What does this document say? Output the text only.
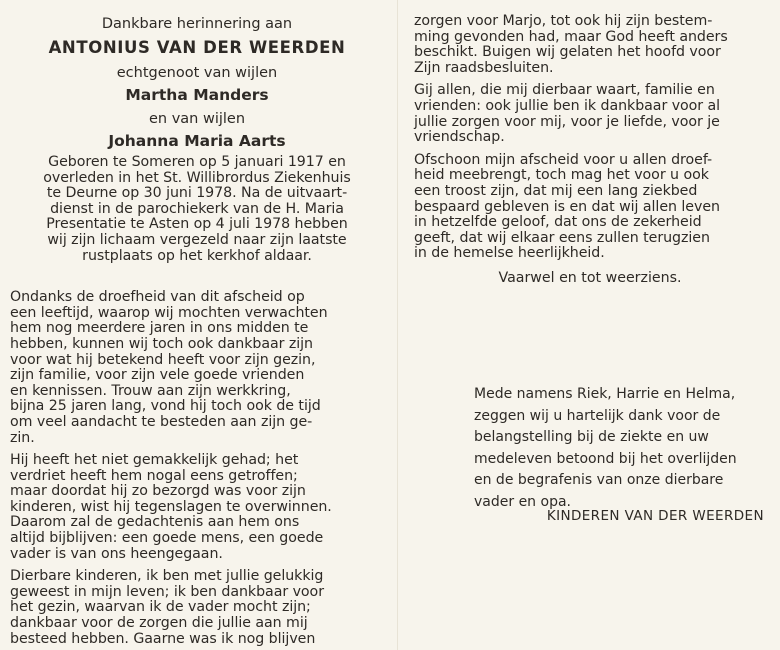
Dankbare herinnering aan
ANTONIUS VAN DER WEERDEN
echtgenoot van wijlen
Martha Manders
en van wijlen
Johanna Maria Aarts
Geboren te Someren op 5 januari 1917 en
overleden in het St. Willibrordus Ziekenhuis
te Deurne op 30 juni 1978. Na de uitvaart-
dienst in de parochiekerk van de H. Maria
Presentatie te Asten op 4 juli 1978 hebben
wij zijn lichaam vergezeld naar zijn laatste
rustplaats op het kerkhof aldaar.
Ondanks de droefheid van dit afscheid op
een leeftijd, waarop wij mochten verwachten
hem nog meerdere jaren in ons midden te
hebben, kunnen wij toch ook dankbaar zijn
voor wat hij betekend heeft voor zijn gezin,
zijn familie, voor zijn vele goede vrienden
en kennissen. Trouw aan zijn werkkring,
bijna 25 jaren lang, vond hij toch ook de tijd
om veel aandacht te besteden aan zijn ge-
zin.
Hij heeft het niet gemakkelijk gehad; het
verdriet heeft hem nogal eens getroffen;
maar doordat hij zo bezorgd was voor zijn
kinderen, wist hij tegenslagen te overwinnen.
Daarom zal de gedachtenis aan hem ons
altijd bijblijven: een goede mens, een goede
vader is van ons heengegaan.
Dierbare kinderen, ik ben met jullie gelukkig
geweest in mijn leven; ik ben dankbaar voor
het gezin, waarvan ik de vader mocht zijn;
dankbaar voor de zorgen die jullie aan mij
besteed hebben. Gaarne was ik nog blijven
zorgen voor Marjo, tot ook hij zijn bestem-
ming gevonden had, maar God heeft anders
beschikt. Buigen wij gelaten het hoofd voor
Zijn raadsbesluiten.
Gij allen, die mij dierbaar waart, familie en
vrienden: ook jullie ben ik dankbaar voor al
jullie zorgen voor mij, voor je liefde, voor je
vriendschap.
Ofschoon mijn afscheid voor u allen droef-
heid meebrengt, toch mag het voor u ook
een troost zijn, dat mij een lang ziekbed
bespaard gebleven is en dat wij allen leven
in hetzelfde geloof, dat ons de zekerheid
geeft, dat wij elkaar eens zullen terugzien
in de hemelse heerlijkheid.
Vaarwel en tot weerziens.
Mede namens Riek, Harrie en Helma,
zeggen wij u hartelijk dank voor de
belangstelling bij de ziekte en uw
medeleven betoond bij het overlijden
en de begrafenis van onze dierbare
vader en opa.
KINDEREN VAN DER WEERDEN
